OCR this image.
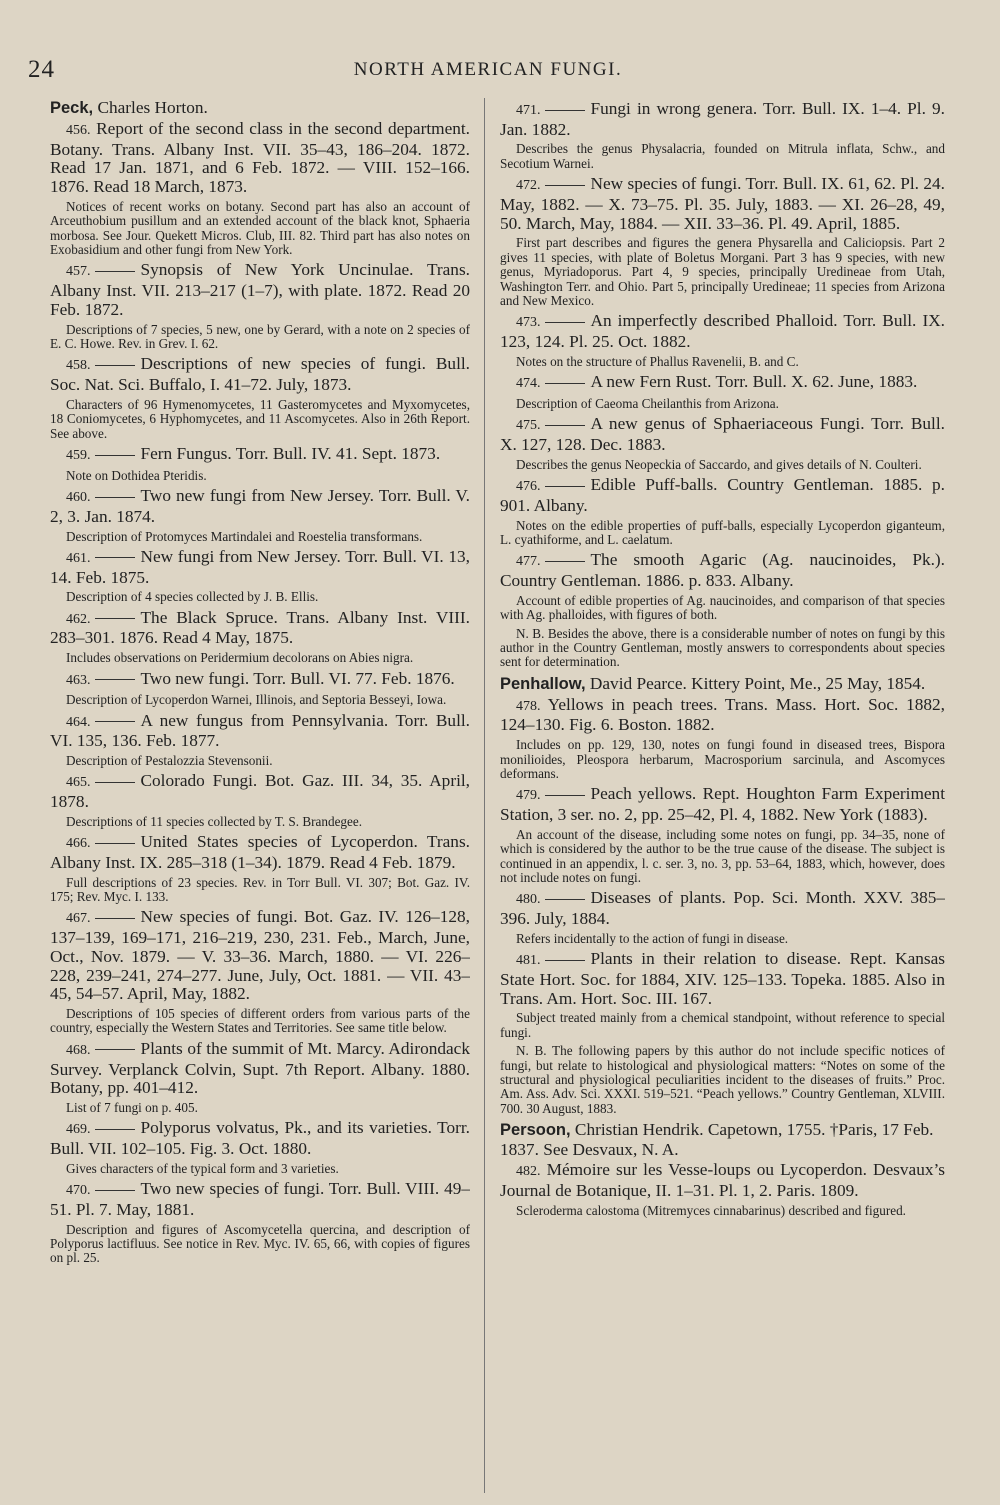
24	NORTH AMERICAN FUNGI.

Peck, Charles Horton.

456. Report of the second class in the second department. Botany. Trans. Albany Inst. VII. 35–43, 186–204. 1872. Read 17 Jan. 1871, and 6 Feb. 1872. — VIII. 152–166. 1876. Read 18 March, 1873.

Notices of recent works on botany. Second part has also an account of Arceuthobium pusillum and an extended account of the black knot, Sphaeria morbosa. See Jour. Quekett Micros. Club, III. 82. Third part has also notes on Exobasidium and other fungi from New York.

457.	Synopsis of New York Uncinulae. Trans. Albany Inst. VII. 213–217 (1–7), with plate. 1872. Read 20 Feb. 1872.

Descriptions of 7 species, 5 new, one by Gerard, with a note on 2 species of E. C. Howe. Rev. in Grev. I. 62.

458.	Descriptions of new species of fungi. Bull. Soc. Nat. Sci. Buffalo, I. 41–72. July, 1873.

Characters of 96 Hymenomycetes, 11 Gasteromycetes and Myxomycetes, 18 Coniomycetes, 6 Hyphomycetes, and 11 Ascomycetes. Also in 26th Report. See above.

459.	Fern Fungus. Torr. Bull. IV. 41. Sept. 1873.

Note on Dothidea Pteridis.

460.	Two new fungi from New Jersey. Torr. Bull. V. 2, 3. Jan. 1874.

Description of Protomyces Martindalei and Roestelia transformans.

461.	New fungi from New Jersey. Torr. Bull. VI. 13, 14. Feb. 1875.

Description of 4 species collected by J. B. Ellis.

462.	The Black Spruce. Trans. Albany Inst. VIII. 283–301. 1876. Read 4 May, 1875.

Includes observations on Peridermium decolorans on Abies nigra.

463.	Two new fungi. Torr. Bull. VI. 77. Feb. 1876.

Description of Lycoperdon Warnei, Illinois, and Septoria Besseyi, Iowa.

464.	A new fungus from Pennsylvania. Torr. Bull. VI. 135, 136. Feb. 1877.

Description of Pestalozzia Stevensonii.

465.	Colorado Fungi. Bot. Gaz. III. 34, 35. April, 1878.

Descriptions of 11 species collected by T. S. Brandegee.

466.	United States species of Lycoperdon. Trans. Albany Inst. IX. 285–318 (1–34). 1879. Read 4 Feb. 1879.

Full descriptions of 23 species. Rev. in Torr Bull. VI. 307; Bot. Gaz. IV. 175; Rev. Myc. I. 133.

467.	New species of fungi. Bot. Gaz. IV. 126–128, 137–139, 169–171, 216–219, 230, 231. Feb., March, June, Oct., Nov. 1879. — V. 33–36. March, 1880. — VI. 226–228, 239–241, 274–277. June, July, Oct. 1881. — VII. 43–45, 54–57. April, May, 1882.

Descriptions of 105 species of different orders from various parts of the country, especially the Western States and Territories. See same title below.

468.	Plants of the summit of Mt. Marcy. Adirondack Survey. Verplanck Colvin, Supt. 7th Report. Albany. 1880. Botany, pp. 401–412.

List of 7 fungi on p. 405.

469.	Polyporus volvatus, Pk., and its varieties. Torr. Bull. VII. 102–105. Fig. 3. Oct. 1880.

Gives characters of the typical form and 3 varieties.

470.	Two new species of fungi. Torr. Bull. VIII. 49–51. Pl. 7. May, 1881.

Description and figures of Ascomycetella quercina, and description of Polyporus lactifluus. See notice in Rev. Myc. IV. 65, 66, with copies of figures on pl. 25.

471.	Fungi in wrong genera. Torr. Bull. IX. 1–4. Pl. 9. Jan. 1882.

Describes the genus Physalacria, founded on Mitrula inflata, Schw., and Secotium Warnei.

472.	New species of fungi. Torr. Bull. IX. 61, 62. Pl. 24. May, 1882. — X. 73–75. Pl. 35. July, 1883. — XI. 26–28, 49, 50. March, May, 1884. — XII. 33–36. Pl. 49. April, 1885.

First part describes and figures the genera Physarella and Caliciopsis. Part 2 gives 11 species, with plate of Boletus Morgani. Part 3 has 9 species, with new genus, Myriadoporus. Part 4, 9 species, principally Uredineae from Utah, Washington Terr. and Ohio. Part 5, principally Uredineae; 11 species from Arizona and New Mexico.

473.	An imperfectly described Phalloid. Torr. Bull. IX. 123, 124. Pl. 25. Oct. 1882.

Notes on the structure of Phallus Ravenelii, B. and C.

474.	A new Fern Rust. Torr. Bull. X. 62. June, 1883.

Description of Caeoma Cheilanthis from Arizona.

475.	A new genus of Sphaeriaceous Fungi. Torr. Bull. X. 127, 128. Dec. 1883.

Describes the genus Neopeckia of Saccardo, and gives details of N. Coulteri.

476.	Edible Puff-balls. Country Gentleman. 1885. p. 901. Albany.

Notes on the edible properties of puff-balls, especially Lycoperdon giganteum, L. cyathiforme, and L. caelatum.

477.	The smooth Agaric (Ag. naucinoides, Pk.). Country Gentleman. 1886. p. 833. Albany.

Account of edible properties of Ag. naucinoides, and comparison of that species with Ag. phalloides, with figures of both.

N. B. Besides the above, there is a considerable number of notes on fungi by this author in the Country Gentleman, mostly answers to correspondents about species sent for determination.

Penhallow, David Pearce. Kittery Point, Me., 25 May, 1854.

478. Yellows in peach trees. Trans. Mass. Hort. Soc. 1882, 124–130. Fig. 6. Boston. 1882.

Includes on pp. 129, 130, notes on fungi found in diseased trees, Bispora monilioides, Pleospora herbarum, Macrosporium sarcinula, and Ascomyces deformans.

479.	Peach yellows. Rept. Houghton Farm Experiment Station, 3 ser. no. 2, pp. 25–42, Pl. 4, 1882. New York (1883).

An account of the disease, including some notes on fungi, pp. 34–35, none of which is considered by the author to be the true cause of the disease. The subject is continued in an appendix, l. c. ser. 3, no. 3, pp. 53–64, 1883, which, however, does not include notes on fungi.

480.	Diseases of plants. Pop. Sci. Month. XXV. 385–396. July, 1884.

Refers incidentally to the action of fungi in disease.

481.	Plants in their relation to disease. Rept. Kansas State Hort. Soc. for 1884, XIV. 125–133. Topeka. 1885. Also in Trans. Am. Hort. Soc. III. 167.

Subject treated mainly from a chemical standpoint, without reference to special fungi.

N. B. The following papers by this author do not include specific notices of fungi, but relate to histological and physiological matters: “Notes on some of the structural and physiological peculiarities incident to the diseases of fruits.” Proc. Am. Ass. Adv. Sci. XXXI. 519–521. “Peach yellows.” Country Gentleman, XLVIII. 700. 30 August, 1883.

Persoon, Christian Hendrik. Capetown, 1755. †Paris, 17 Feb. 1837. See Desvaux, N. A.

482. Mémoire sur les Vesse-loups ou Lycoperdon. Desvaux’s Journal de Botanique, II. 1–31. Pl. 1, 2. Paris. 1809.

Scleroderma calostoma (Mitremyces cinnabarinus) described and figured.
